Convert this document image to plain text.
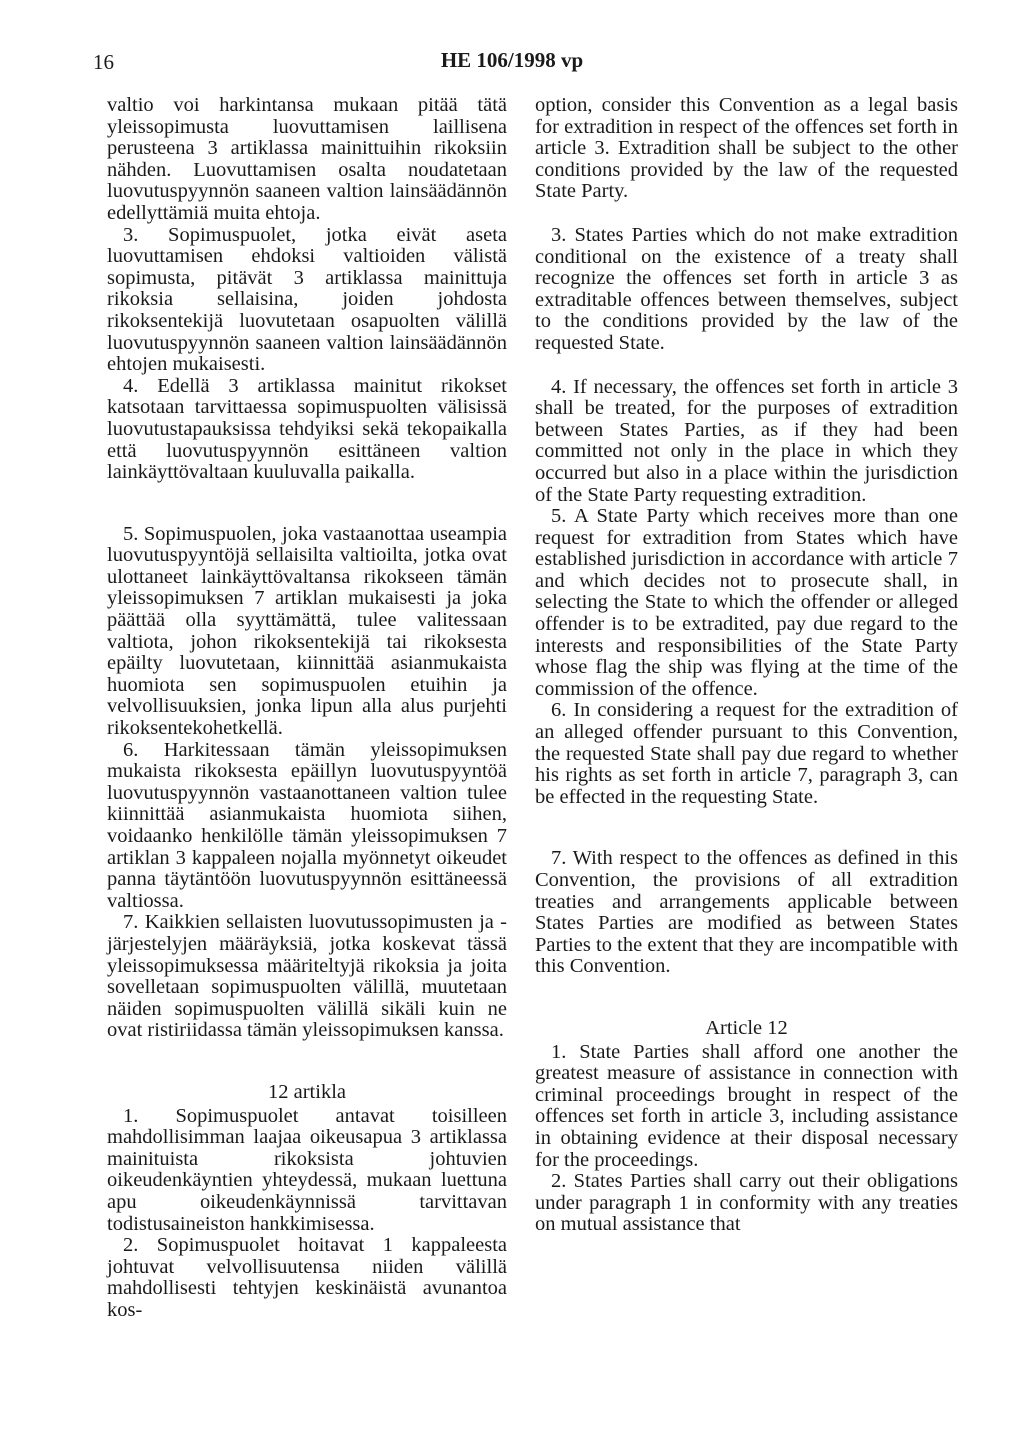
16	HE 106/1998 vp

valtio voi harkintansa mukaan pitää tätä yleissopimusta luovuttamisen laillisena perusteena 3 artiklassa mainittuihin rikoksiin nähden. Luovuttamisen osalta noudatetaan luovutuspyynnön saaneen valtion lainsäädännön edellyttämiä muita ehtoja.

3. Sopimuspuolet, jotka eivät aseta luovuttamisen ehdoksi valtioiden välistä sopimusta, pitävät 3 artiklassa mainittuja rikoksia sellaisina, joiden johdosta rikoksentekijä luovutetaan osapuolten välillä luovutuspyynnön saaneen valtion lainsäädännön ehtojen mukaisesti.

4. Edellä 3 artiklassa mainitut rikokset katsotaan tarvittaessa sopimuspuolten välisissä luovutustapauksissa tehdyiksi sekä tekopaikalla että luovutuspyynnön esittäneen valtion lainkäyttövaltaan kuuluvalla paikalla.

5. Sopimuspuolen, joka vastaanottaa useampia luovutuspyyntöjä sellaisilta valtioilta, jotka ovat ulottaneet lainkäyttövaltansa rikokseen tämän yleissopimuksen 7 artiklan mukaisesti ja joka päättää olla syyttämättä, tulee valitessaan valtiota, johon rikoksentekijä tai rikoksesta epäilty luovutetaan, kiinnittää asianmukaista huomiota sen sopimuspuolen etuihin ja velvollisuuksien, jonka lipun alla alus purjehti rikoksentekohetkellä.

6. Harkitessaan tämän yleissopimuksen mukaista rikoksesta epäillyn luovutuspyyntöä luovutuspyynnön vastaanottaneen valtion tulee kiinnittää asianmukaista huomiota siihen, voidaanko henkilölle tämän yleissopimuksen 7 artiklan 3 kappaleen nojalla myönnetyt oikeudet panna täytäntöön luovutuspyynnön esittäneessä valtiossa.

7. Kaikkien sellaisten luovutussopimusten ja -järjestelyjen määräyksiä, jotka koskevat tässä yleissopimuksessa määriteltyjä rikoksia ja joita sovelletaan sopimuspuolten välillä, muutetaan näiden sopimuspuolten välillä sikäli kuin ne ovat ristiriidassa tämän yleissopimuksen kanssa.

12 artikla

1. Sopimuspuolet antavat toisilleen mahdollisimman laajaa oikeusapua 3 artiklassa mainituista rikoksista johtuvien oikeudenkäyntien yhteydessä, mukaan luettuna apu oikeudenkäynnissä tarvittavan todistusaineiston hankkimisessa.

2. Sopimuspuolet hoitavat 1 kappaleesta johtuvat velvollisuutensa niiden välillä mahdollisesti tehtyjen keskinäistä avunantoa kos-

option, consider this Convention as a legal basis for extradition in respect of the offences set forth in article 3. Extradition shall be subject to the other conditions provided by the law of the requested State Party.

3. States Parties which do not make extradition conditional on the existence of a treaty shall recognize the offences set forth in article 3 as extraditable offences between themselves, subject to the conditions provided by the law of the requested State.

4. If necessary, the offences set forth in article 3 shall be treated, for the purposes of extradition between States Parties, as if they had been committed not only in the place in which they occurred but also in a place within the jurisdiction of the State Party requesting extradition.

5. A State Party which receives more than one request for extradition from States which have established jurisdiction in accordance with article 7 and which decides not to prosecute shall, in selecting the State to which the offender or alleged offender is to be extradited, pay due regard to the interests and responsibilities of the State Party whose flag the ship was flying at the time of the commission of the offence.

6. In considering a request for the extradition of an alleged offender pursuant to this Convention, the requested State shall pay due regard to whether his rights as set forth in article 7, paragraph 3, can be effected in the requesting State.

7. With respect to the offences as defined in this Convention, the provisions of all extradition treaties and arrangements applicable between States Parties are modified as between States Parties to the extent that they are incompatible with this Convention.

Article 12

1. State Parties shall afford one another the greatest measure of assistance in connection with criminal proceedings brought in respect of the offences set forth in article 3, including assistance in obtaining evidence at their disposal necessary for the proceedings.

2. States Parties shall carry out their obligations under paragraph 1 in conformity with any treaties on mutual assistance that
